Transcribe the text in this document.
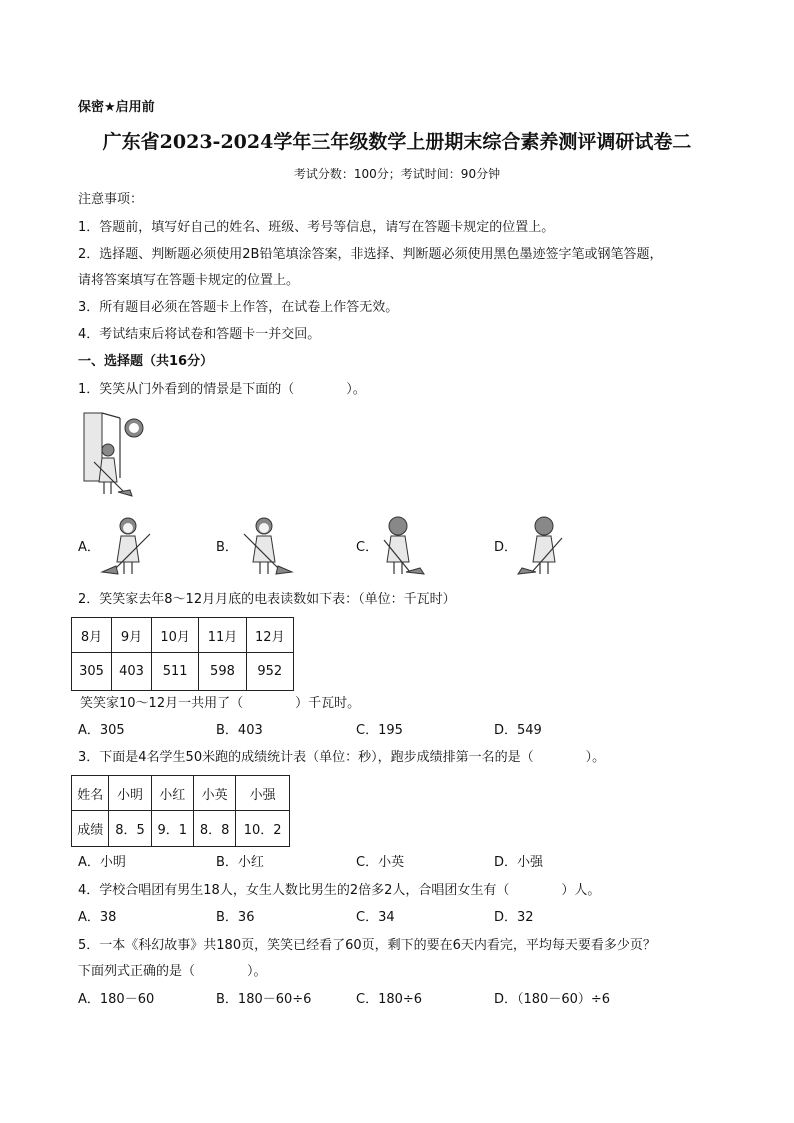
保密★启用前
广东省2023-2024学年三年级数学上册期末综合素养测评调研试卷二
考试分数：100分；考试时间：90分钟
注意事项：
1．答题前，填写好自己的姓名、班级、考号等信息，请写在答题卡规定的位置上。
2．选择题、判断题必须使用2B铅笔填涂答案，非选择、判断题必须使用黑色墨迹签字笔或钢笔答题，
请将答案填写在答题卡规定的位置上。
3．所有题目必须在答题卡上作答，在试卷上作答无效。
4．考试结束后将试卷和答题卡一并交回。
一、选择题（共16分）
1．笑笑从门外看到的情景是下面的（　　　　）。
A．	B．	C．	D．
2．笑笑家去年8～12月月底的电表读数如下表：（单位：千瓦时）
8月	9月	10月	11月	12月
305	403	511	598	952
笑笑家10～12月一共用了（　　　　）千瓦时。
A．305	B．403	C．195	D．549
3．下面是4名学生50米跑的成绩统计表（单位：秒），跑步成绩排第一名的是（　　　　）。
姓名	小明	小红	小英	小强
成绩	8．5	9．1	8．8	10．2
A．小明	B．小红	C．小英	D．小强
4．学校合唱团有男生18人，女生人数比男生的2倍多2人，合唱团女生有（　　　　）人。
A．38	B．36	C．34	D．32
5．一本《科幻故事》共180页，笑笑已经看了60页，剩下的要在6天内看完，平均每天要看多少页？
下面列式正确的是（　　　　）。
A．180－60	B．180－60÷6	C．180÷6	D．（180－60）÷6
